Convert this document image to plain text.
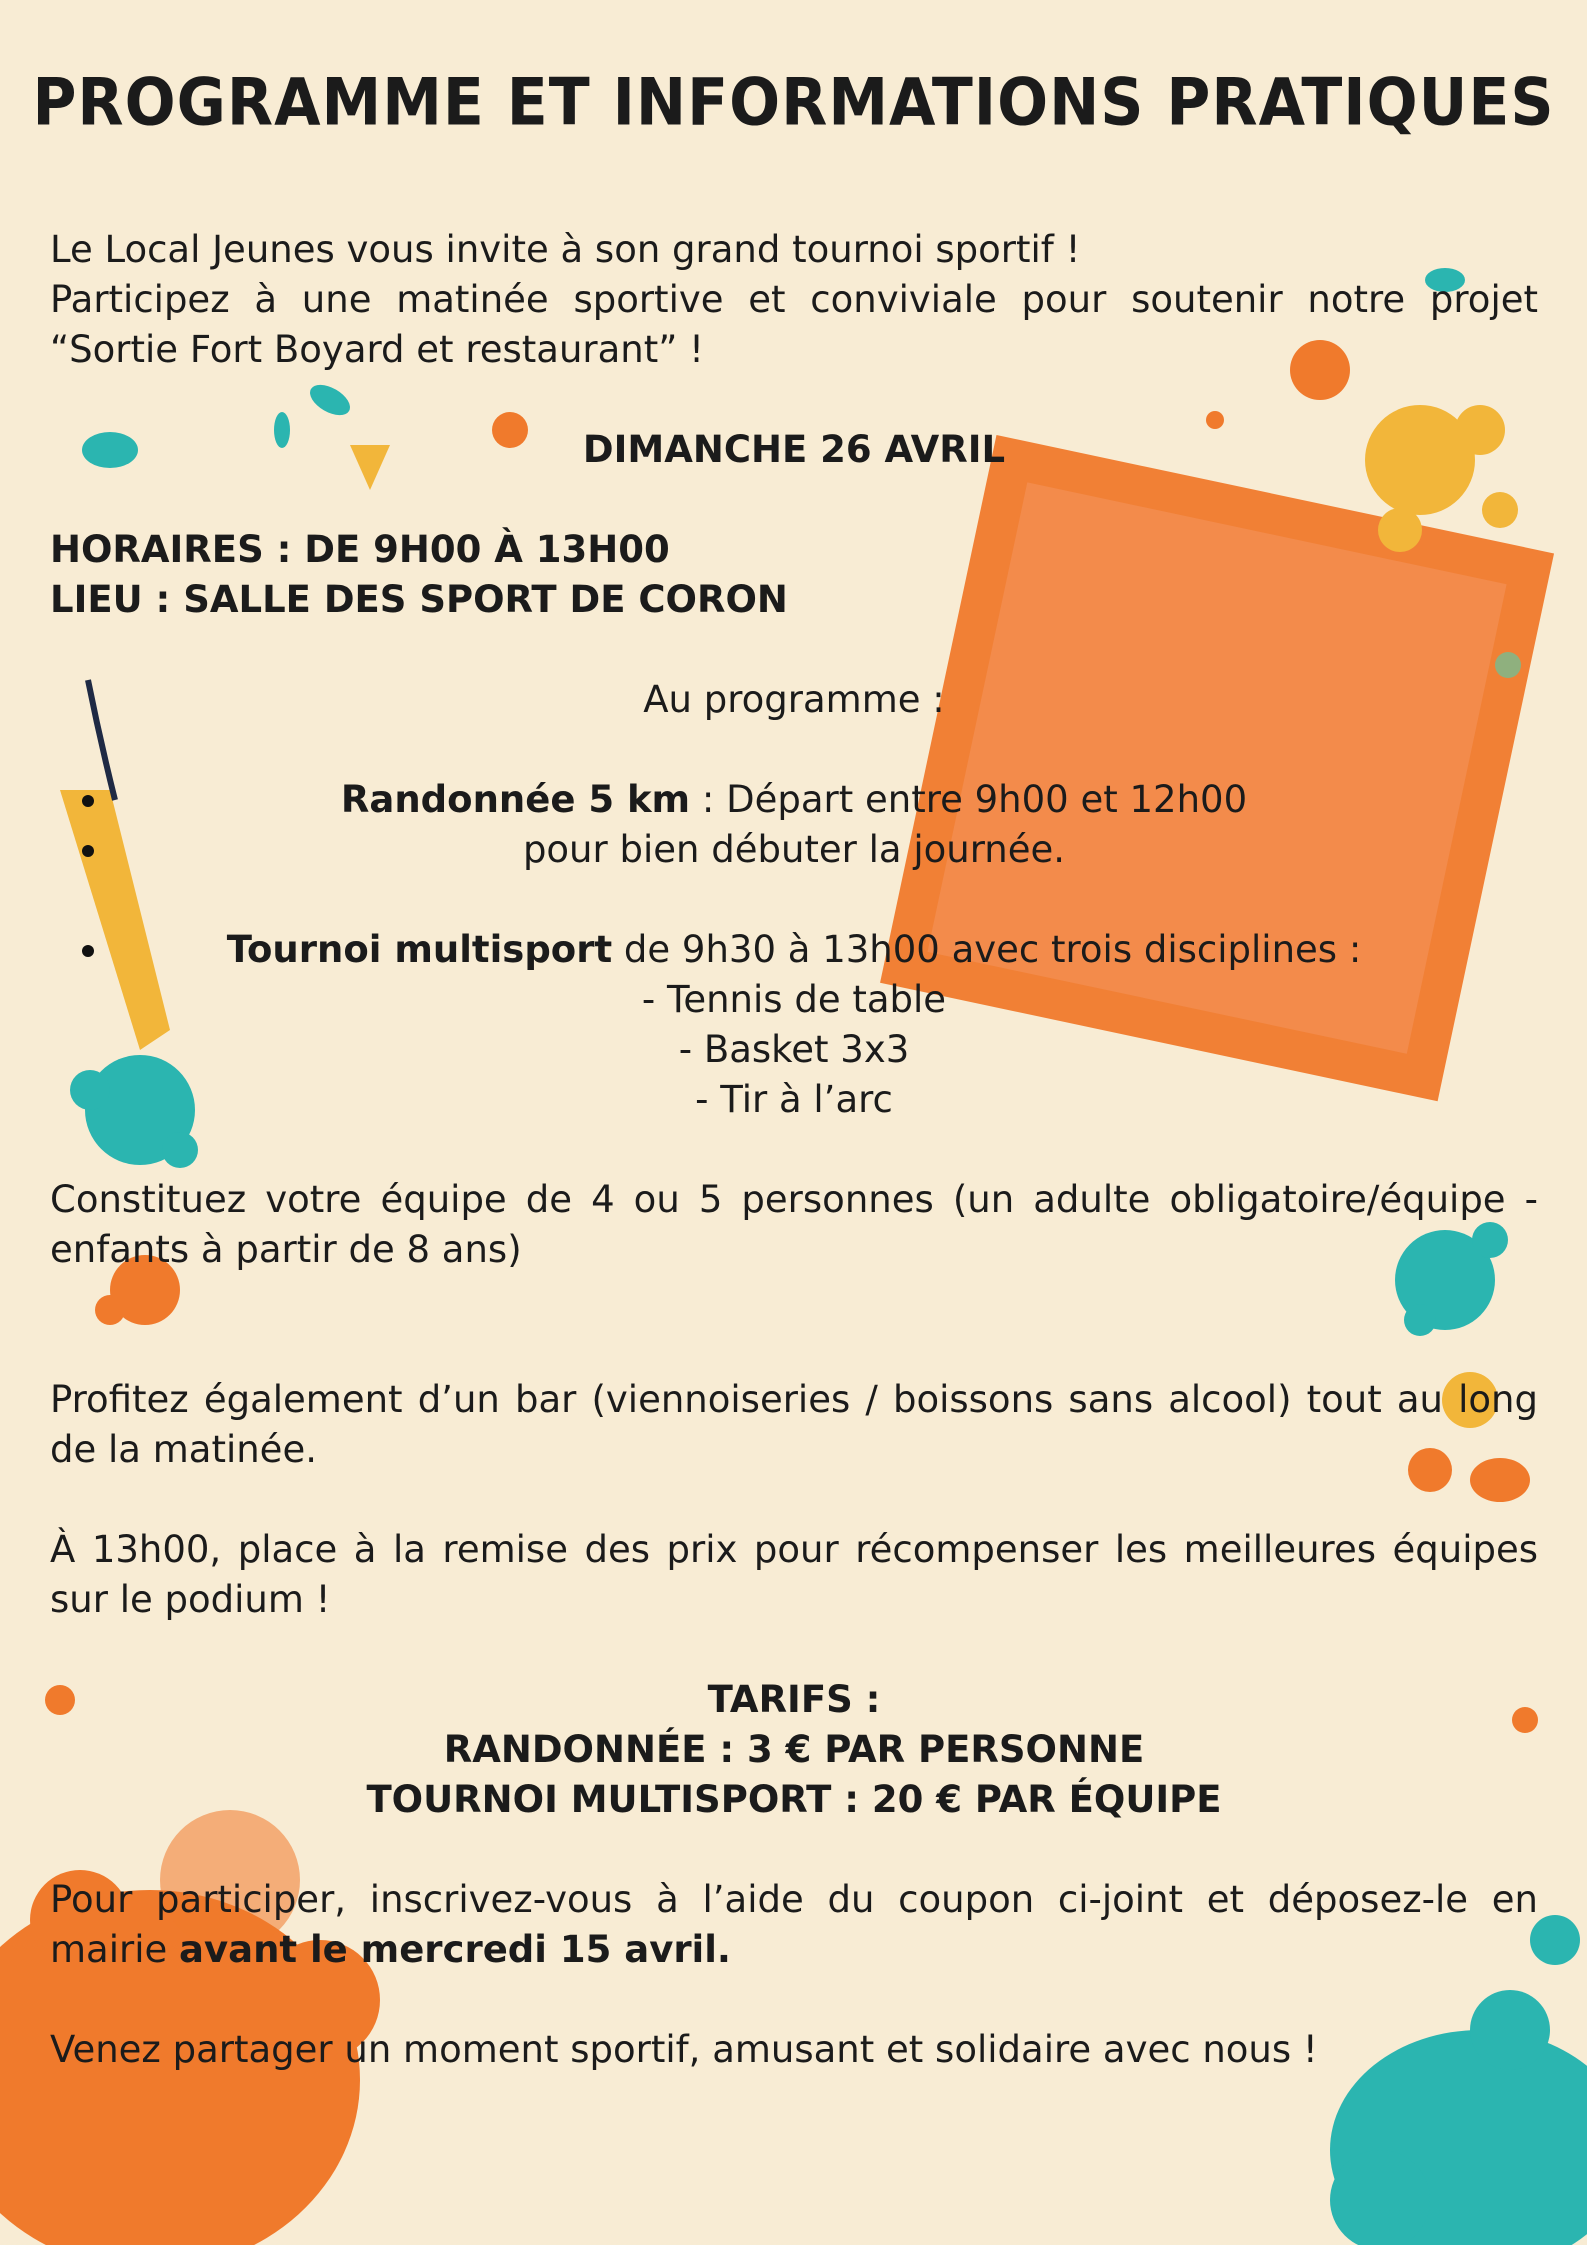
PROGRAMME ET INFORMATIONS PRATIQUES
Le Local Jeunes vous invite à son grand tournoi sportif !
Participez à une matinée sportive et conviviale pour soutenir notre projet “Sortie Fort Boyard et restaurant” !
DIMANCHE 26 AVRIL
HORAIRES : DE 9H00 À 13H00
LIEU : SALLE DES SPORT DE CORON
Au programme :
Randonnée 5 km : Départ entre 9h00 et 12h00
pour bien débuter la journée.
Tournoi multisport de 9h30 à 13h00 avec trois disciplines :
- Tennis de table
- Basket 3x3
- Tir à l’arc
Constituez votre équipe de 4 ou 5 personnes (un adulte obligatoire/équipe - enfants à partir de 8 ans)
Profitez également d’un bar (viennoiseries / boissons sans alcool) tout au long de la matinée.
À 13h00, place à la remise des prix pour récompenser les meilleures équipes sur le podium !
TARIFS :
RANDONNÉE : 3 € PAR PERSONNE
TOURNOI MULTISPORT : 20 € PAR ÉQUIPE
Pour participer, inscrivez-vous à l’aide du coupon ci-joint et déposez-le en mairie avant le mercredi 15 avril.
Venez partager un moment sportif, amusant et solidaire avec nous !
